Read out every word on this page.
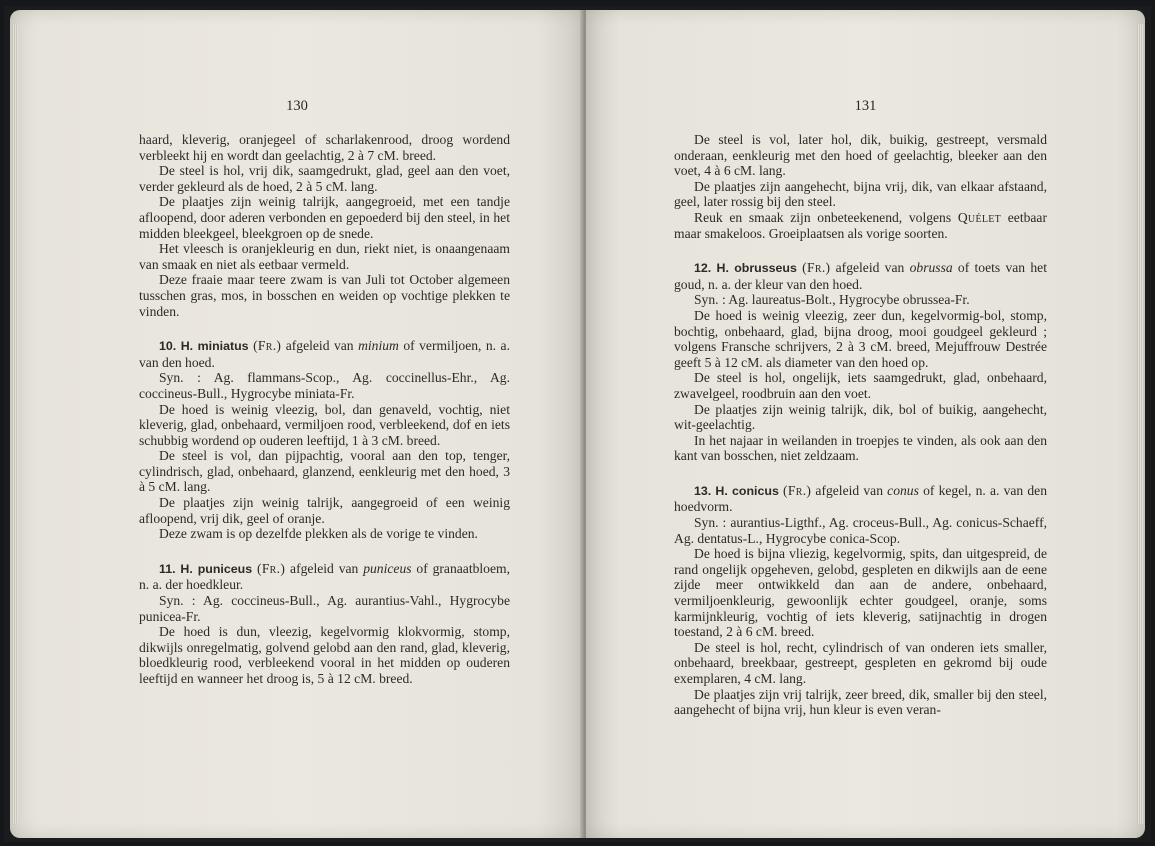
130

haard, kleverig, oranjegeel of scharlakenrood, droog wordend verbleekt hij en wordt dan geelachtig, 2 à 7 cM. breed.

De steel is hol, vrij dik, saamgedrukt, glad, geel aan den voet, verder gekleurd als de hoed, 2 à 5 cM. lang.

De plaatjes zijn weinig talrijk, aangegroeid, met een tandje afloopend, door aderen verbonden en gepoederd bij den steel, in het midden bleekgeel, bleekgroen op de snede.

Het vleesch is oranjekleurig en dun, riekt niet, is onaangenaam van smaak en niet als eetbaar vermeld.

Deze fraaie maar teere zwam is van Juli tot October algemeen tusschen gras, mos, in bosschen en weiden op vochtige plekken te vinden.

10. H. miniatus (Fr.) afgeleid van minium of vermiljoen, n. a. van den hoed.

Syn. : Ag. flammans-Scop., Ag. coccinellus-Ehr., Ag. coccineus-Bull., Hygrocybe miniata-Fr.

De hoed is weinig vleezig, bol, dan genaveld, vochtig, niet kleverig, glad, onbehaard, vermiljoen rood, verbleekend, dof en iets schubbig wordend op ouderen leeftijd, 1 à 3 cM. breed.

De steel is vol, dan pijpachtig, vooral aan den top, tenger, cylindrisch, glad, onbehaard, glanzend, eenkleurig met den hoed, 3 à 5 cM. lang.

De plaatjes zijn weinig talrijk, aangegroeid of een weinig afloopend, vrij dik, geel of oranje.

Deze zwam is op dezelfde plekken als de vorige te vinden.

11. H. puniceus (Fr.) afgeleid van puniceus of granaatbloem, n. a. der hoedkleur.

Syn. : Ag. coccineus-Bull., Ag. aurantius-Vahl., Hygrocybe punicea-Fr.

De hoed is dun, vleezig, kegelvormig klokvormig, stomp, dikwijls onregelmatig, golvend gelobd aan den rand, glad, kleverig, bloedkleurig rood, verbleekend vooral in het midden op ouderen leeftijd en wanneer het droog is, 5 à 12 cM. breed.

131

De steel is vol, later hol, dik, buikig, gestreept, versmald onderaan, eenkleurig met den hoed of geelachtig, bleeker aan den voet, 4 à 6 cM. lang.

De plaatjes zijn aangehecht, bijna vrij, dik, van elkaar afstaand, geel, later rossig bij den steel.

Reuk en smaak zijn onbeteekenend, volgens Quélet eetbaar maar smakeloos. Groeiplaatsen als vorige soorten.

12. H. obrusseus (Fr.) afgeleid van obrussa of toets van het goud, n. a. der kleur van den hoed.

Syn. : Ag. laureatus-Bolt., Hygrocybe obrussea-Fr.

De hoed is weinig vleezig, zeer dun, kegelvormig-bol, stomp, bochtig, onbehaard, glad, bijna droog, mooi goudgeel gekleurd ; volgens Fransche schrijvers, 2 à 3 cM. breed, Mejuffrouw Destrée geeft 5 à 12 cM. als diameter van den hoed op.

De steel is hol, ongelijk, iets saamgedrukt, glad, onbehaard, zwavelgeel, roodbruin aan den voet.

De plaatjes zijn weinig talrijk, dik, bol of buikig, aangehecht, wit-geelachtig.

In het najaar in weilanden in troepjes te vinden, als ook aan den kant van bosschen, niet zeldzaam.

13. H. conicus (Fr.) afgeleid van conus of kegel, n. a. van den hoedvorm.

Syn. : aurantius-Ligthf., Ag. croceus-Bull., Ag. conicus-Schaeff, Ag. dentatus-L., Hygrocybe conica-Scop.

De hoed is bijna vliezig, kegelvormig, spits, dan uitgespreid, de rand ongelijk opgeheven, gelobd, gespleten en dikwijls aan de eene zijde meer ontwikkeld dan aan de andere, onbehaard, vermiljoenkleurig, gewoonlijk echter goudgeel, oranje, soms karmijnkleurig, vochtig of iets kleverig, satijnachtig in drogen toestand, 2 à 6 cM. breed.

De steel is hol, recht, cylindrisch of van onderen iets smaller, onbehaard, breekbaar, gestreept, gespleten en gekromd bij oude exemplaren, 4 cM. lang.

De plaatjes zijn vrij talrijk, zeer breed, dik, smaller bij den steel, aangehecht of bijna vrij, hun kleur is even veran-
